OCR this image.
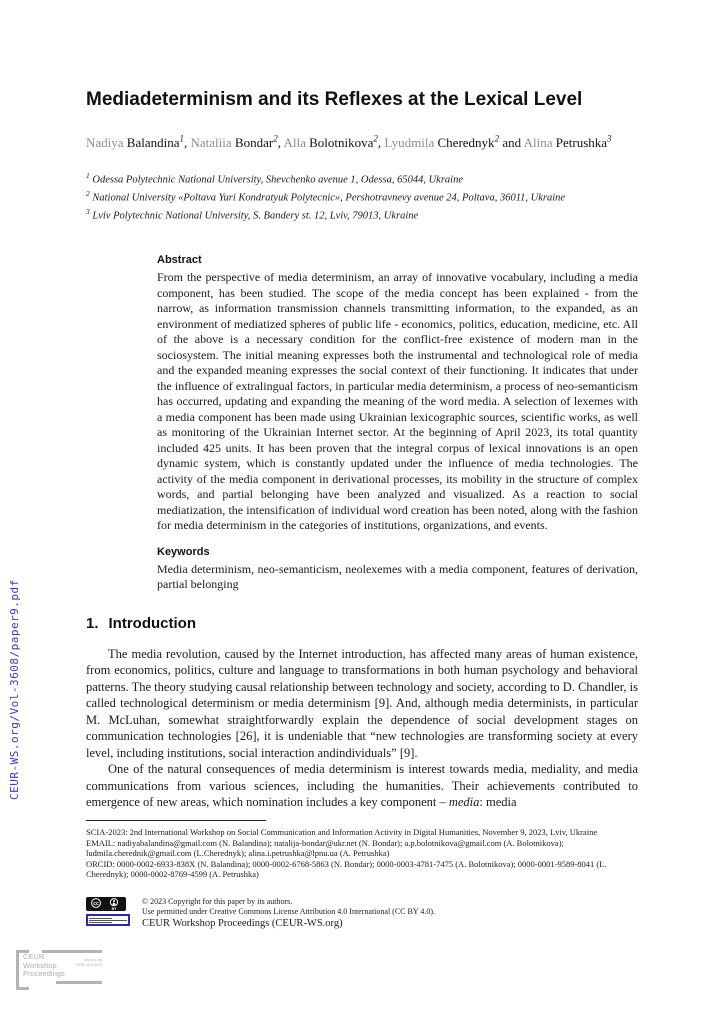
CEUR-WS.org/Vol-3608/paper9.pdf
Mediadeterminism and its Reflexes at the Lexical Level
Nadiya Balandina$^1$, Nataliia Bondar$^2$, Alla Bolotnikova$^2$, Lyudmila Cherednyk$^2$ and Alina Petrushka$^3$
$^1$ Odessa Polytechnic National University, Shevchenko avenue 1, Odessa, 65044, Ukraine
$^2$ National University «Poltava Yuri Kondratyuk Polytecnic», Pershotravnevy avenue 24, Poltava, 36011, Ukraine
$^3$ Lviv Polytechnic National University, S. Bandery st. 12, Lviv, 79013, Ukraine
Abstract
From the perspective of media determinism, an array of innovative vocabulary, including a media component, has been studied. The scope of the media concept has been explained - from the narrow, as information transmission channels transmitting information, to the expanded, as an environment of mediatized spheres of public life - economics, politics, education, medicine, etc. All of the above is a necessary condition for the conflict-free existence of modern man in the sociosystem. The initial meaning expresses both the instrumental and technological role of media and the expanded meaning expresses the social context of their functioning. It indicates that under the influence of extralingual factors, in particular media determinism, a process of neo-semanticism has occurred, updating and expanding the meaning of the word media. A selection of lexemes with a media component has been made using Ukrainian lexicographic sources, scientific works, as well as monitoring of the Ukrainian Internet sector. At the beginning of April 2023, its total quantity included 425 units. It has been proven that the integral corpus of lexical innovations is an open dynamic system, which is constantly updated under the influence of media technologies. The activity of the media component in derivational processes, its mobility in the structure of complex words, and partial belonging have been analyzed and visualized. As a reaction to social mediatization, the intensification of individual word creation has been noted, along with the fashion for media determinism in the categories of institutions, organizations, and events.
Keywords
Media determinism, neo-semanticism, neolexemes with a media component, features of derivation, partial belonging
1. Introduction

The media revolution, caused by the Internet introduction, has affected many areas of human existence, from economics, politics, culture and language to transformations in both human psychology and behavioral patterns. The theory studying causal relationship between technology and society, according to D. Chandler, is called technological determinism or media determinism [9]. And, although media determinists, in particular M. McLuhan, somewhat straightforwardly explain the dependence of social development stages on communication technologies [26], it is undeniable that “new technologies are transforming society at every level, including institutions, social interaction andindividuals” [9].

One of the natural consequences of media determinism is interest towards media, mediality, and media communications from various sciences, including the humanities. Their achievements contributed to emergence of new areas, which nomination includes a key component – media: media

SCIA-2023: 2nd International Workshop on Social Communication and Information Activity in Digital Humanities, November 9, 2023, Lviv, Ukraine
EMAIL: nadiyabalandina@gmail.com (N. Balandina); natalija-bondar@ukr.net (N. Bondar); a.p.bolotnikova@gmail.com (A. Bolotnikova); ludmila.cherednik@gmail.com (L.Cherednyk); alina.i.petrushka@lpnu.ua (A. Petrushka)
ORCID: 0000-0002-6933-838X (N. Balandina); 0000-0002-6768-5863 (N. Bondar); 0000-0003-4781-7475 (A. Bolotnikova); 0000-0001-9589-8041 (L. Cherednyk); 0000-0002-8769-4599 (A. Petrushka)
cc
BY
© 2023 Copyright for this paper by its authors.
Use permitted under Creative Commons License Attribution 4.0 International (CC BY 4.0).
CEUR Workshop Proceedings (CEUR-WS.org)
CEUR
Workshop
Proceedings
ceur-ws.org
ISSN 1613-0073
